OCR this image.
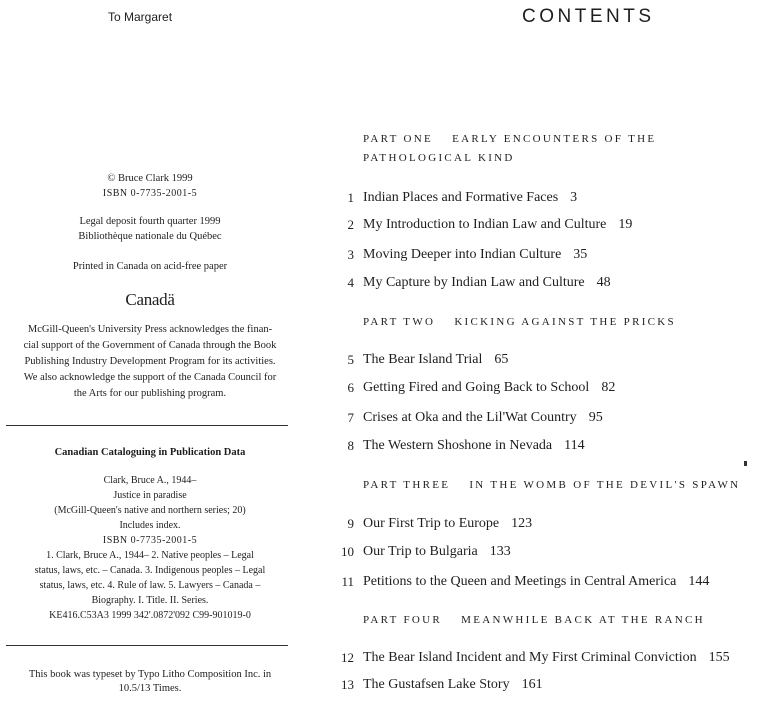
To Margaret
© Bruce Clark 1999
ISBN 0-7735-2001-5
Legal deposit fourth quarter 1999
Bibliothèque nationale du Québec
Printed in Canada on acid-free paper
Canadä
McGill-Queen's University Press acknowledges the finan-
cial support of the Government of Canada through the Book
Publishing Industry Development Program for its activities.
We also acknowledge the support of the Canada Council for
the Arts for our publishing program.
Canadian Cataloguing in Publication Data
Clark, Bruce A., 1944–
Justice in paradise
(McGill-Queen's native and northern series; 20)
Includes index.
ISBN 0-7735-2001-5
1. Clark, Bruce A., 1944– 2. Native peoples – Legal
status, laws, etc. – Canada. 3. Indigenous peoples – Legal
status, laws, etc. 4. Rule of law. 5. Lawyers – Canada –
Biography. I. Title. II. Series.
KE416.C53A3 1999 342'.0872'092 C99-901019-0
This book was typeset by Typo Litho Composition Inc. in
10.5/13 Times.
CONTENTS
PART ONE EARLY ENCOUNTERS OF THE
PATHOLOGICAL KIND
1 Indian Places and Formative Faces 3
2 My Introduction to Indian Law and Culture 19
3 Moving Deeper into Indian Culture 35
4 My Capture by Indian Law and Culture 48
PART TWO KICKING AGAINST THE PRICKS
5 The Bear Island Trial 65
6 Getting Fired and Going Back to School 82
7 Crises at Oka and the Lil'Wat Country 95
8 The Western Shoshone in Nevada 114
PART THREE IN THE WOMB OF THE DEVIL'S SPAWN
9 Our First Trip to Europe 123
10 Our Trip to Bulgaria 133
11 Petitions to the Queen and Meetings in Central America 144
PART FOUR MEANWHILE BACK AT THE RANCH
12 The Bear Island Incident and My First Criminal Conviction 155
13 The Gustafsen Lake Story 161
